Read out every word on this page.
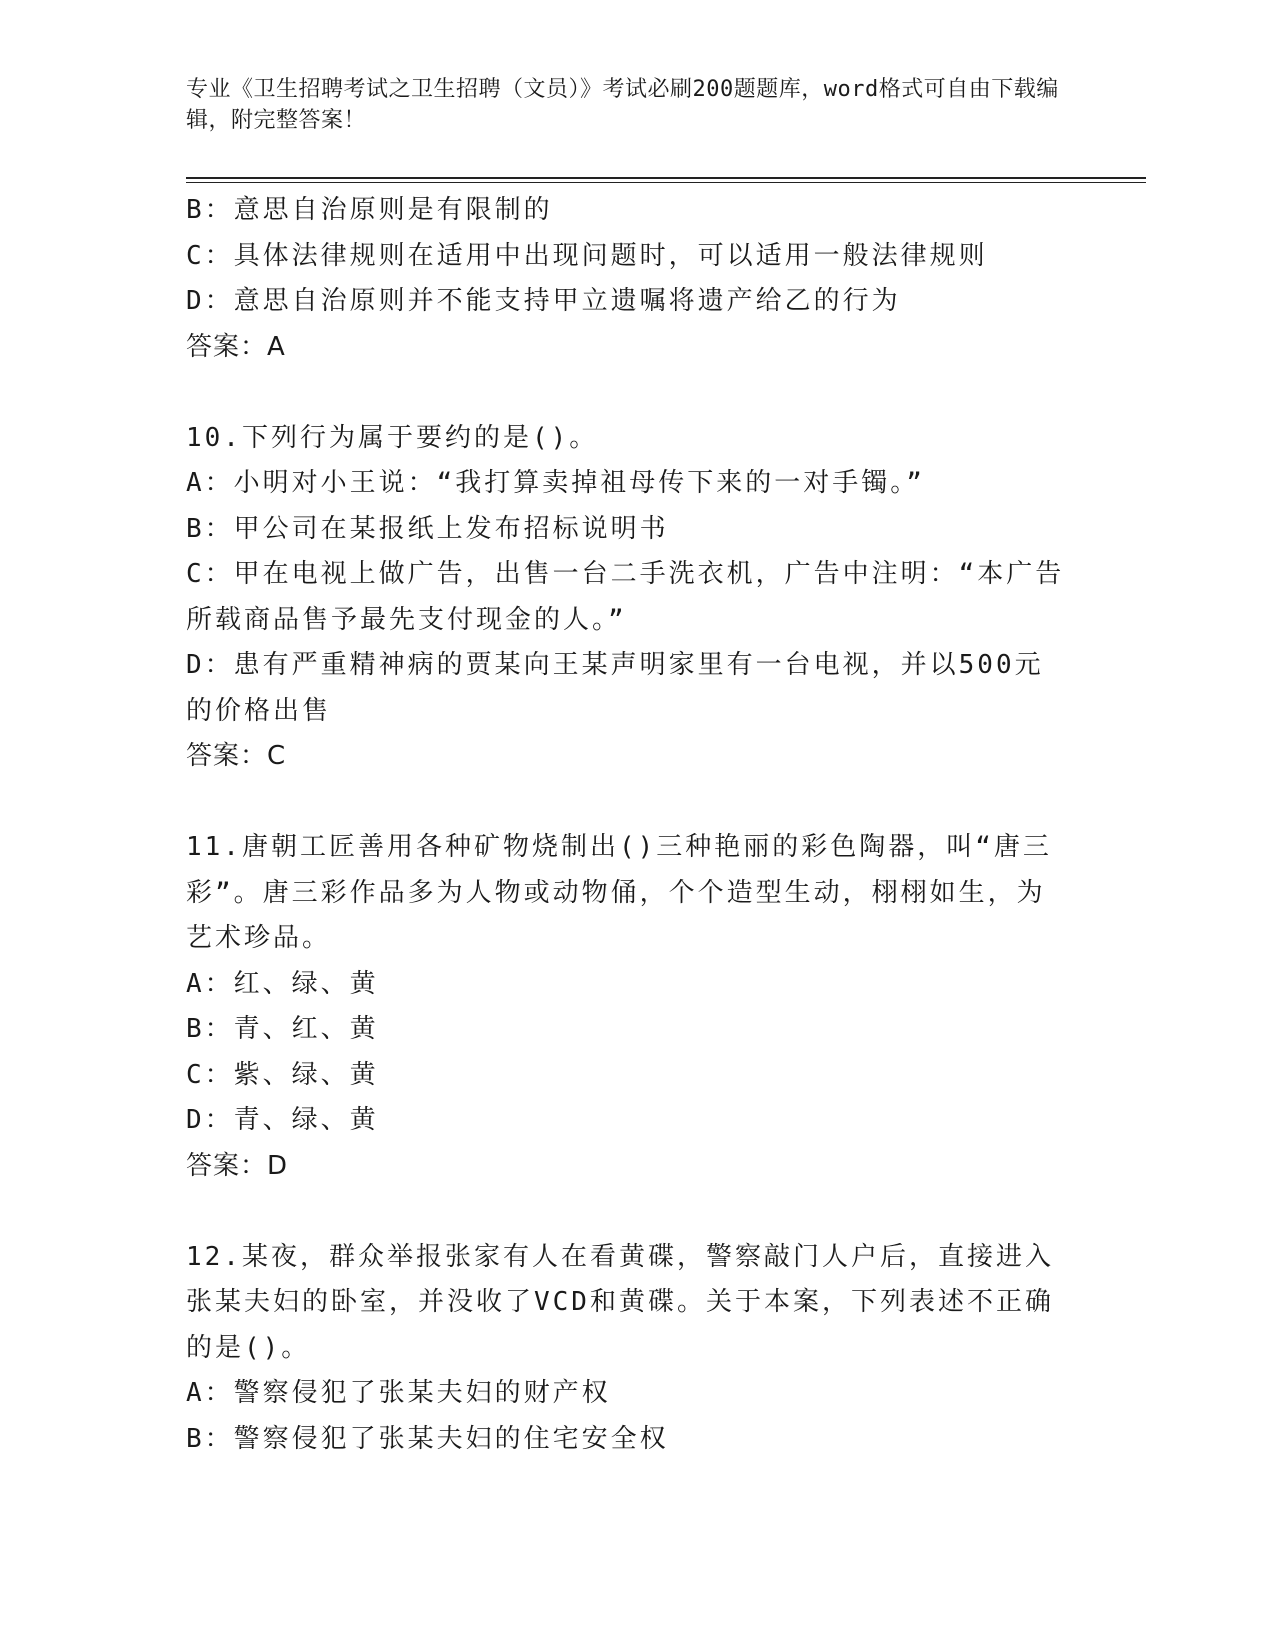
专业《卫生招聘考试之卫生招聘（文员）》考试必刷200题题库，word格式可自由下载编辑，附完整答案！
B：意思自治原则是有限制的
C：具体法律规则在适用中出现问题时，可以适用一般法律规则
D：意思自治原则并不能支持甲立遗嘱将遗产给乙的行为
答案：A
10.下列行为属于要约的是()。
A：小明对小王说：“我打算卖掉祖母传下来的一对手镯。”
B：甲公司在某报纸上发布招标说明书
C：甲在电视上做广告，出售一台二手洗衣机，广告中注明：“本广告所载商品售予最先支付现金的人。”
D：患有严重精神病的贾某向王某声明家里有一台电视，并以500元的价格出售
答案：C
11.唐朝工匠善用各种矿物烧制出()三种艳丽的彩色陶器，叫“唐三彩”。唐三彩作品多为人物或动物俑，个个造型生动，栩栩如生，为艺术珍品。
A：红、绿、黄
B：青、红、黄
C：紫、绿、黄
D：青、绿、黄
答案：D
12.某夜，群众举报张家有人在看黄碟，警察敲门人户后，直接进入张某夫妇的卧室，并没收了VCD和黄碟。关于本案，下列表述不正确的是()。
A：警察侵犯了张某夫妇的财产权
B：警察侵犯了张某夫妇的住宅安全权
